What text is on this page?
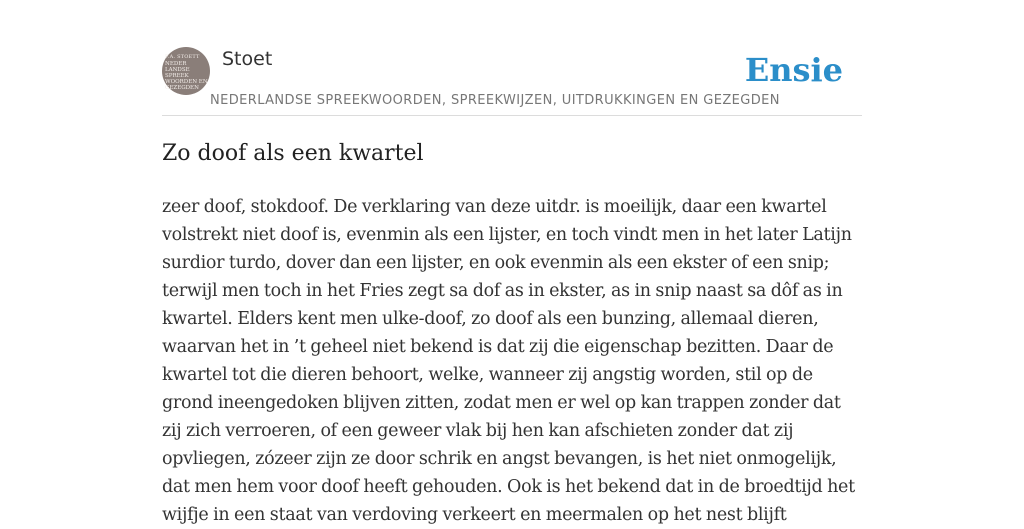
F.A. STOETT
NEDER
LANDSE
SPREEK
WOORDEN EN
GEZEGDEN
Stoet
NEDERLANDSE SPREEKWOORDEN, SPREEKWIJZEN, UITDRUKKINGEN EN GEZEGDEN
Ensie
Zo doof als een kwartel

zeer doof, stokdoof. De verklaring van deze uitdr. is moeilijk, daar een kwartel volstrekt niet doof is, evenmin als een lijster, en toch vindt men in het later Latijn surdior turdo, dover dan een lijster, en ook evenmin als een ekster of een snip; terwijl men toch in het Fries zegt sa dof as in ekster, as in snip naast sa dôf as in kwartel. Elders kent men ulke-doof, zo doof als een bunzing, allemaal dieren, waarvan het in ’t geheel niet bekend is dat zij die eigenschap bezitten. Daar de kwartel tot die dieren behoort, welke, wanneer zij angstig worden, stil op de grond ineengedoken blijven zitten, zodat men er wel op kan trappen zonder dat zij zich verroeren, of een geweer vlak bij hen kan afschieten zonder dat zij opvliegen, zózeer zijn ze door schrik en angst bevangen, is het niet onmogelijk, dat men hem voor doof heeft gehouden. Ook is het bekend dat in de broedtijd het wijfje in een staat van verdoving verkeert en meermalen op het nest blijft
